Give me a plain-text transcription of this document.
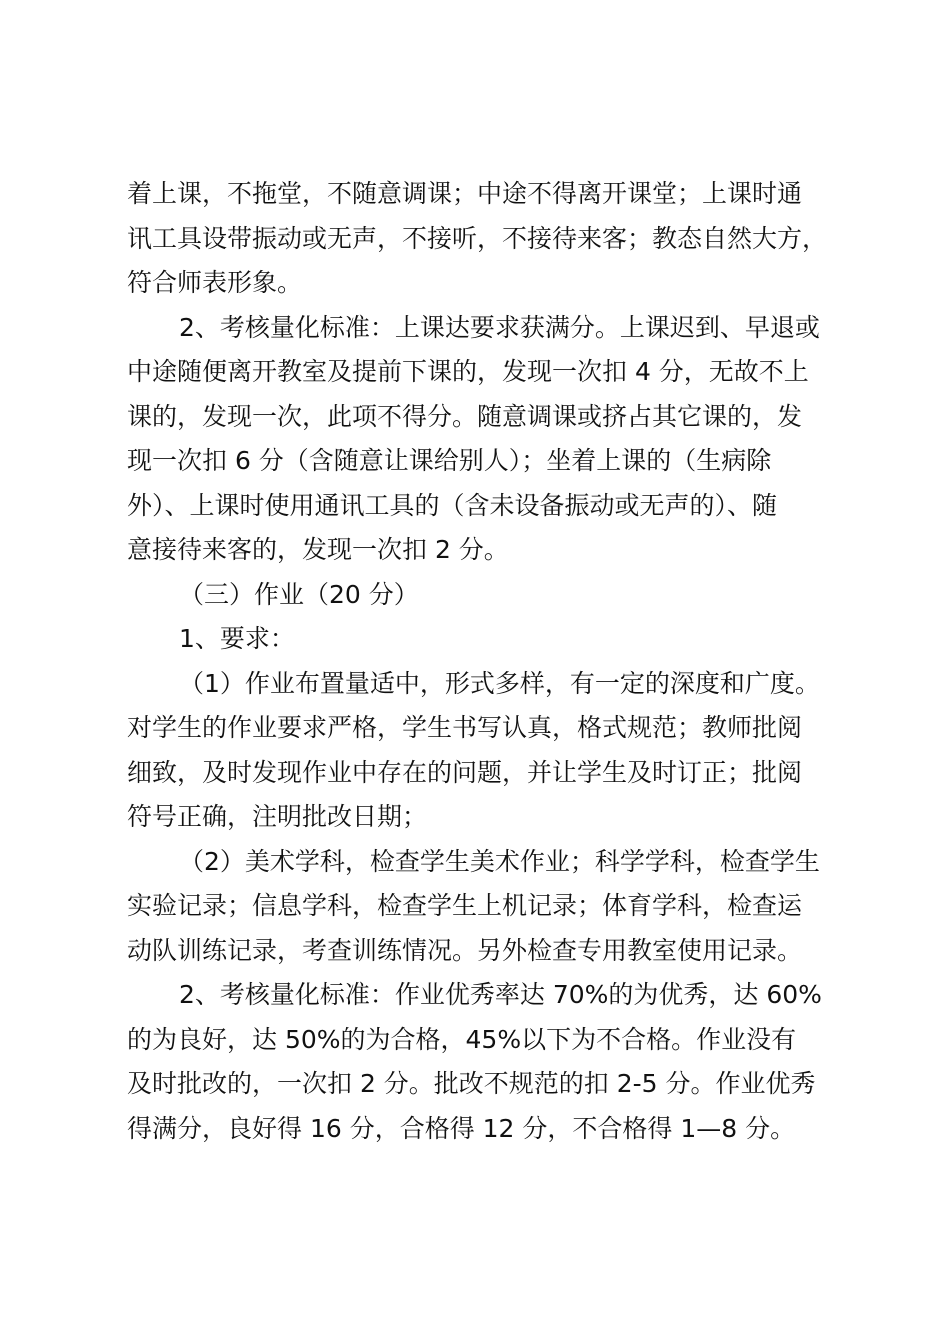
着上课，不拖堂，不随意调课；中途不得离开课堂；上课时通

讯工具设带振动或无声，不接听，不接待来客；教态自然大方，

符合师表形象。

2、考核量化标准：上课达要求获满分。上课迟到、早退或

中途随便离开教室及提前下课的，发现一次扣 4 分，无故不上

课的，发现一次，此项不得分。随意调课或挤占其它课的，发

现一次扣 6 分（含随意让课给别人）；坐着上课的（生病除

外）、上课时使用通讯工具的（含未设备振动或无声的）、随

意接待来客的，发现一次扣 2 分。

（三）作业（20 分）

1、要求：

（1）作业布置量适中，形式多样，有一定的深度和广度。

对学生的作业要求严格，学生书写认真，格式规范；教师批阅

细致，及时发现作业中存在的问题，并让学生及时订正；批阅

符号正确，注明批改日期；

（2）美术学科，检查学生美术作业；科学学科，检查学生

实验记录；信息学科，检查学生上机记录；体育学科，检查运

动队训练记录，考查训练情况。另外检查专用教室使用记录。

2、考核量化标准：作业优秀率达 70%的为优秀，达 60%

的为良好，达 50%的为合格，45%以下为不合格。作业没有

及时批改的，一次扣 2 分。批改不规范的扣 2-5 分。作业优秀

得满分，良好得 16 分，合格得 12 分，不合格得 1—8 分。
